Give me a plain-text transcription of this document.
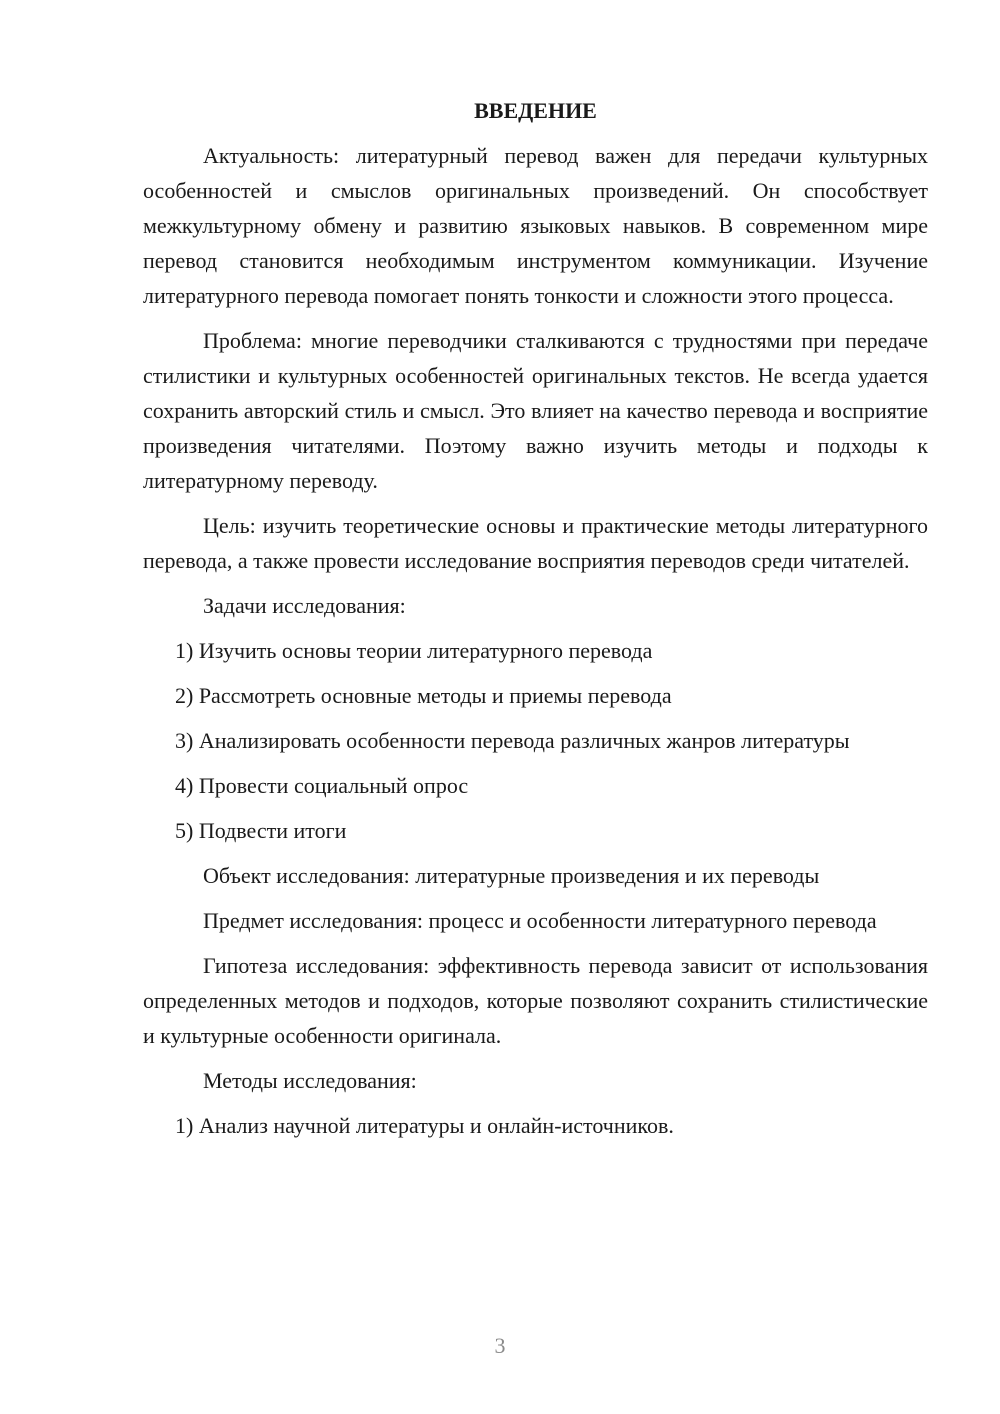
ВВЕДЕНИЕ

Актуальность: литературный перевод важен для передачи культурных особенностей и смыслов оригинальных произведений. Он способствует межкультурному обмену и развитию языковых навыков. В современном мире перевод становится необходимым инструментом коммуникации. Изучение литературного перевода помогает понять тонкости и сложности этого процесса.

Проблема: многие переводчики сталкиваются с трудностями при передаче стилистики и культурных особенностей оригинальных текстов. Не всегда удается сохранить авторский стиль и смысл. Это влияет на качество перевода и восприятие произведения читателями. Поэтому важно изучить методы и подходы к литературному переводу.

Цель: изучить теоретические основы и практические методы литературного перевода, а также провести исследование восприятия переводов среди читателей.

Задачи исследования:

1) Изучить основы теории литературного перевода

2) Рассмотреть основные методы и приемы перевода

3) Анализировать особенности перевода различных жанров литературы

4) Провести социальный опрос

5) Подвести итоги

Объект исследования: литературные произведения и их переводы

Предмет исследования: процесс и особенности литературного перевода

Гипотеза исследования: эффективность перевода зависит от использования определенных методов и подходов, которые позволяют сохранить стилистические и культурные особенности оригинала.

Методы исследования:

1) Анализ научной литературы и онлайн-источников.

3
